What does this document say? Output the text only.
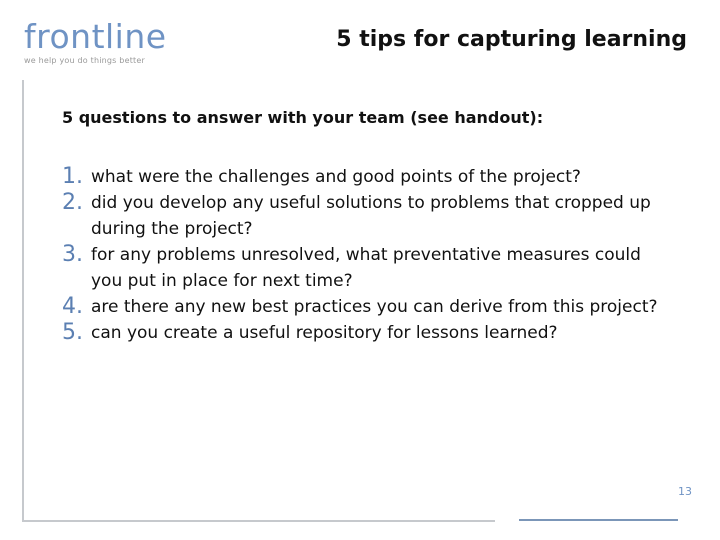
frontline
we help you do things better
5 tips for capturing learning
5 questions to answer with your team (see handout):
1. what were the challenges and good points of the project?
2. did you develop any useful solutions to problems that cropped up during the project?
3. for any problems unresolved, what preventative measures could you put in place for next time?
4. are there any new best practices you can derive from this project?
5. can you create a useful repository for lessons learned?
13
